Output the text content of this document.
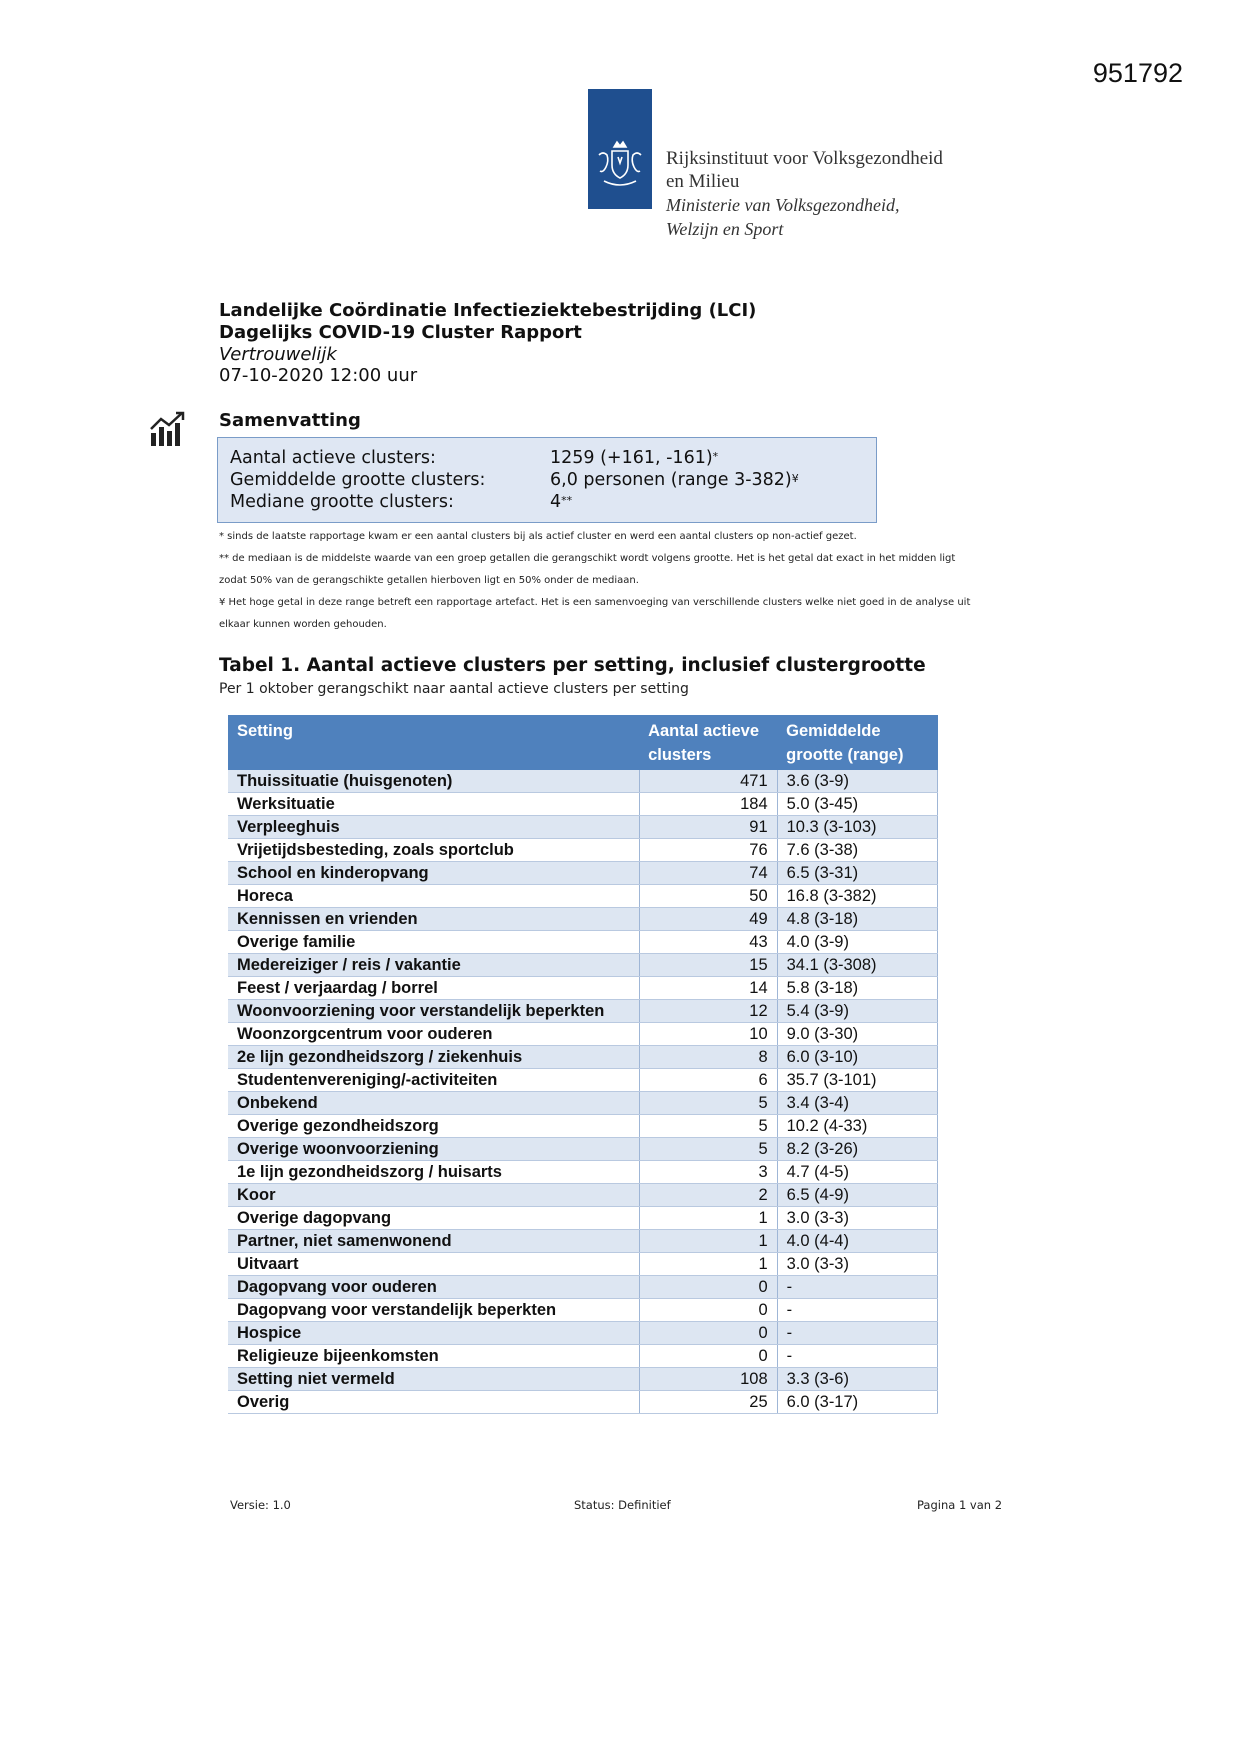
951792
Rijksinstituut voor Volksgezondheid
en Milieu
Ministerie van Volksgezondheid,
Welzijn en Sport
Landelijke Coördinatie Infectieziektebestrijding (LCI)
Dagelijks COVID-19 Cluster Rapport
Vertrouwelijk
07-10-2020 12:00 uur
Samenvatting
Aantal actieve clusters:	1259 (+161, -161)*
Gemiddelde grootte clusters:	6,0 personen (range 3-382)¥
Mediane grootte clusters:	4**
* sinds de laatste rapportage kwam er een aantal clusters bij als actief cluster en werd een aantal clusters op non-actief gezet.
** de mediaan is de middelste waarde van een groep getallen die gerangschikt wordt volgens grootte. Het is het getal dat exact in het midden ligt
zodat 50% van de gerangschikte getallen hierboven ligt en 50% onder de mediaan.
¥ Het hoge getal in deze range betreft een rapportage artefact. Het is een samenvoeging van verschillende clusters welke niet goed in de analyse uit
elkaar kunnen worden gehouden.
Tabel 1. Aantal actieve clusters per setting, inclusief clustergrootte
Per 1 oktober gerangschikt naar aantal actieve clusters per setting
Setting	Aantal actieve clusters	Gemiddelde grootte (range)
Thuissituatie (huisgenoten)	471	3.6 (3-9)
Werksituatie	184	5.0 (3-45)
Verpleeghuis	91	10.3 (3-103)
Vrijetijdsbesteding, zoals sportclub	76	7.6 (3-38)
School en kinderopvang	74	6.5 (3-31)
Horeca	50	16.8 (3-382)
Kennissen en vrienden	49	4.8 (3-18)
Overige familie	43	4.0 (3-9)
Medereiziger / reis / vakantie	15	34.1 (3-308)
Feest / verjaardag / borrel	14	5.8 (3-18)
Woonvoorziening voor verstandelijk beperkten	12	5.4 (3-9)
Woonzorgcentrum voor ouderen	10	9.0 (3-30)
2e lijn gezondheidszorg / ziekenhuis	8	6.0 (3-10)
Studentenvereniging/-activiteiten	6	35.7 (3-101)
Onbekend	5	3.4 (3-4)
Overige gezondheidszorg	5	10.2 (4-33)
Overige woonvoorziening	5	8.2 (3-26)
1e lijn gezondheidszorg / huisarts	3	4.7 (4-5)
Koor	2	6.5 (4-9)
Overige dagopvang	1	3.0 (3-3)
Partner, niet samenwonend	1	4.0 (4-4)
Uitvaart	1	3.0 (3-3)
Dagopvang voor ouderen	0	-
Dagopvang voor verstandelijk beperkten	0	-
Hospice	0	-
Religieuze bijeenkomsten	0	-
Setting niet vermeld	108	3.3 (3-6)
Overig	25	6.0 (3-17)
Versie: 1.0	Status: Definitief	Pagina 1 van 2
